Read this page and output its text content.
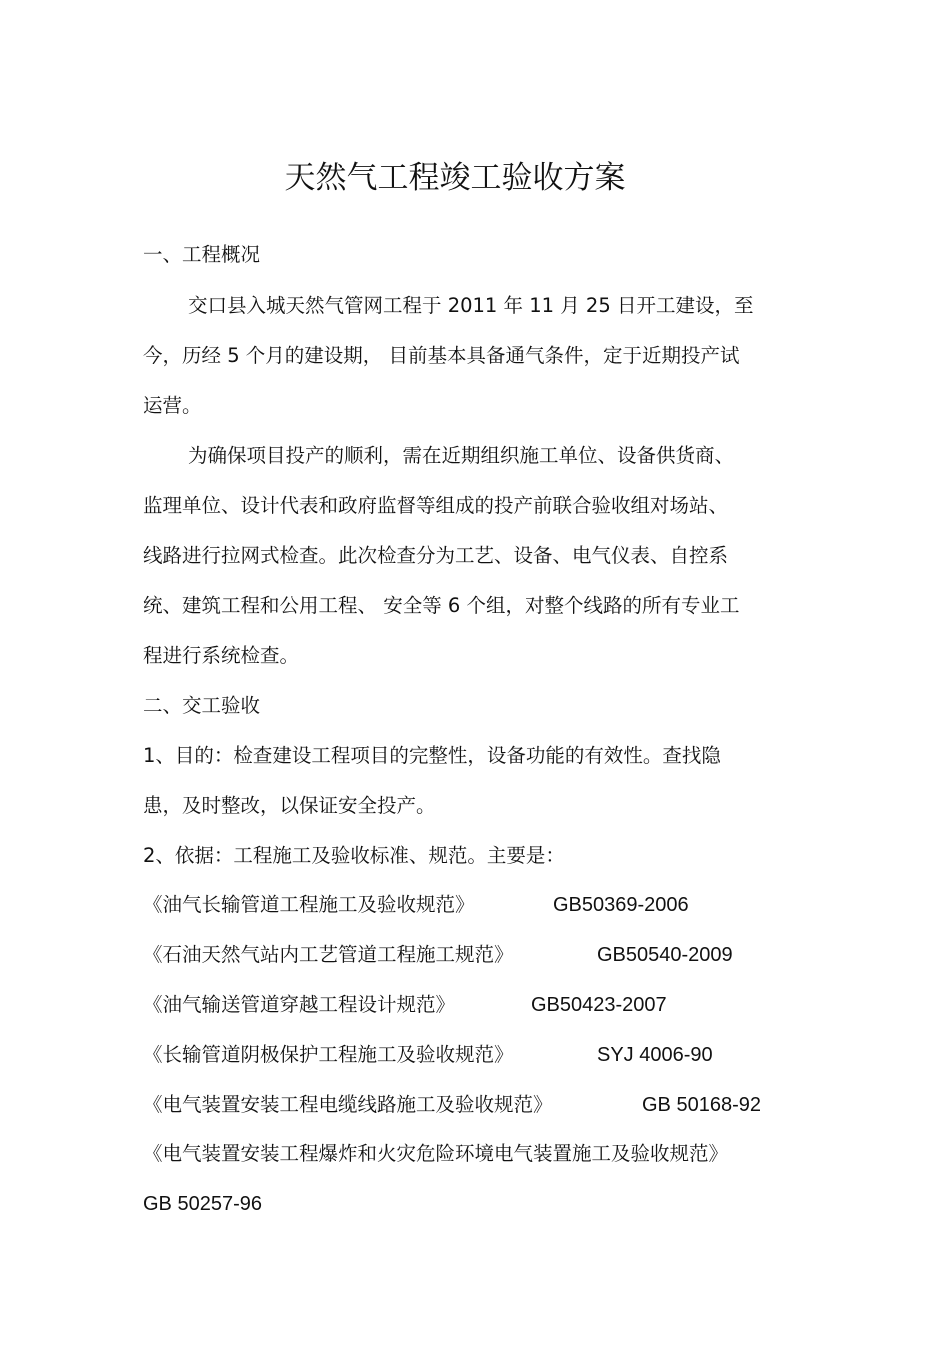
天然气工程竣工验收方案
一、工程概况
交口县入城天然气管网工程于 2011 年 11 月 25 日开工建设，至
今，历经 5 个月的建设期， 目前基本具备通气条件，定于近期投产试
运营。
为确保项目投产的顺利，需在近期组织施工单位、设备供货商、
监理单位、设计代表和政府监督等组成的投产前联合验收组对场站、
线路进行拉网式检查。此次检查分为工艺、设备、电气仪表、自控系
统、建筑工程和公用工程、 安全等 6 个组，对整个线路的所有专业工
程进行系统检查。
二、交工验收
1、目的：检查建设工程项目的完整性，设备功能的有效性。查找隐
患，及时整改，以保证安全投产。
2、依据：工程施工及验收标准、规范。主要是：
《油气长输管道工程施工及验收规范》	GB50369-2006
《石油天然气站内工艺管道工程施工规范》	GB50540-2009
《油气输送管道穿越工程设计规范》	GB50423-2007
《长输管道阴极保护工程施工及验收规范》	SYJ 4006-90
《电气装置安装工程电缆线路施工及验收规范》	GB 50168-92
《电气装置安装工程爆炸和火灾危险环境电气装置施工及验收规范》
GB 50257-96
